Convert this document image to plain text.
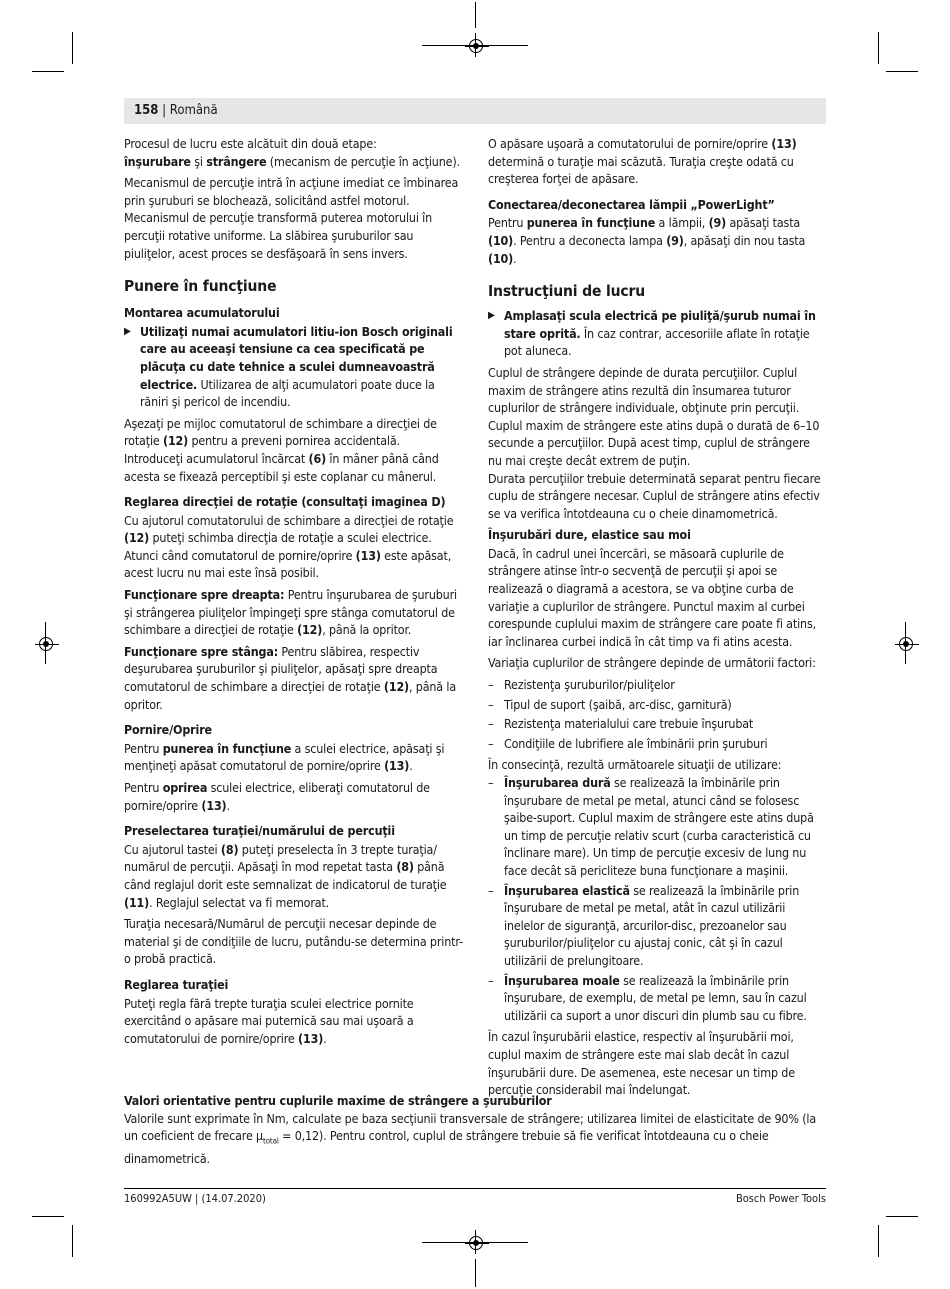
158 | Română

Procesul de lucru este alcătuit din două etape:
înşurubare şi strângere (mecanism de percuţie în acţiune).

Mecanismul de percuţie intră în acţiune imediat ce îmbinarea prin şuruburi se blochează, solicitând astfel motorul. Mecanismul de percuţie transformă puterea motorului în percuţii rotative uniforme. La slăbirea şuruburilor sau piuliţelor, acest proces se desfăşoară în sens invers.

Punere în funcţiune
Montarea acumulatorului
▶ Utilizaţi numai acumulatori litiu-ion Bosch originali care au aceeaşi tensiune ca cea specificată pe plăcuţa cu date tehnice a sculei dumneavoastră electrice. Utilizarea de alţi acumulatori poate duce la răniri şi pericol de incendiu.

Aşezaţi pe mijloc comutatorul de schimbare a direcţiei de rotaţie (12) pentru a preveni pornirea accidentală.
Introduceţi acumulatorul încărcat (6) în mâner până când acesta se fixează perceptibil şi este coplanar cu mânerul.

Reglarea direcţiei de rotaţie (consultaţi imaginea D)

Cu ajutorul comutatorului de schimbare a direcţiei de rotaţie (12) puteţi schimba direcţia de rotaţie a sculei electrice. Atunci când comutatorul de pornire/oprire (13) este apăsat, acest lucru nu mai este însă posibil.

Funcţionare spre dreapta: Pentru înşurubarea de şuruburi şi strângerea piuliţelor împingeţi spre stânga comutatorul de schimbare a direcţiei de rotaţie (12), până la opritor.

Funcţionare spre stânga: Pentru slăbirea, respectiv deşurubarea şuruburilor şi piuliţelor, apăsaţi spre dreapta comutatorul de schimbare a direcţiei de rotaţie (12), până la opritor.

Pornire/Oprire

Pentru punerea în funcţiune a sculei electrice, apăsaţi şi menţineţi apăsat comutatorul de pornire/oprire (13).

Pentru oprirea sculei electrice, eliberaţi comutatorul de pornire/oprire (13).

Preselectarea turaţiei/numărului de percuţii

Cu ajutorul tastei (8) puteţi preselecta în 3 trepte turaţia/ numărul de percuţii. Apăsaţi în mod repetat tasta (8) până când reglajul dorit este semnalizat de indicatorul de turaţie (11). Reglajul selectat va fi memorat.

Turaţia necesară/Numărul de percuţii necesar depinde de material şi de condiţiile de lucru, putându-se determina printr-o probă practică.

Reglarea turaţiei

Puteţi regla fără trepte turaţia sculei electrice pornite exercitând o apăsare mai puternică sau mai uşoară a comutatorului de pornire/oprire (13).

O apăsare uşoară a comutatorului de pornire/oprire (13) determină o turaţie mai scăzută. Turaţia creşte odată cu creşterea forţei de apăsare.

Conectarea/deconectarea lămpii „PowerLight”

Pentru punerea în funcţiune a lămpii, (9) apăsaţi tasta (10). Pentru a deconecta lampa (9), apăsaţi din nou tasta (10).

Instrucţiuni de lucru
▶ Amplasaţi scula electrică pe piuliţă/şurub numai în stare oprită. În caz contrar, accesoriile aflate în rotaţie pot aluneca.

Cuplul de strângere depinde de durata percuţiilor. Cuplul maxim de strângere atins rezultă din însumarea tuturor cuplurilor de strângere individuale, obţinute prin percuţii. Cuplul maxim de strângere este atins după o durată de 6–10 secunde a percuţiilor. După acest timp, cuplul de strângere nu mai creşte decât extrem de puţin.

Durata percuţiilor trebuie determinată separat pentru fiecare cuplu de strângere necesar. Cuplul de strângere atins efectiv se va verifica întotdeauna cu o cheie dinamometrică.

Înşurubări dure, elastice sau moi

Dacă, în cadrul unei încercări, se măsoară cuplurile de strângere atinse într-o secvenţă de percuţii şi apoi se realizează o diagramă a acestora, se va obţine curba de variaţie a cuplurilor de strângere. Punctul maxim al curbei corespunde cuplului maxim de strângere care poate fi atins, iar înclinarea curbei indică în cât timp va fi atins acesta.

Variaţia cuplurilor de strângere depinde de următorii factori:

– Rezistenţa şuruburilor/piuliţelor
– Tipul de suport (şaibă, arc-disc, garnitură)
– Rezistenţa materialului care trebuie înşurubat
– Condiţiile de lubrifiere ale îmbinării prin şuruburi

În consecinţă, rezultă următoarele situaţii de utilizare:

– Înşurubarea dură se realizează la îmbinările prin înşurubare de metal pe metal, atunci când se folosesc şaibe-suport. Cuplul maxim de strângere este atins după un timp de percuţie relativ scurt (curba caracteristică cu înclinare mare). Un timp de percuţie excesiv de lung nu face decât să pericliteze buna funcţionare a maşinii.
– Înşurubarea elastică se realizează la îmbinările prin înşurubare de metal pe metal, atât în cazul utilizării inelelor de siguranţă, arcurilor-disc, prezoanelor sau şuruburilor/piuliţelor cu ajustaj conic, cât şi în cazul utilizării de prelungitoare.
– Înşurubarea moale se realizează la îmbinările prin înşurubare, de exemplu, de metal pe lemn, sau în cazul utilizării ca suport a unor discuri din plumb sau cu fibre.

În cazul înşurubării elastice, respectiv al înşurubării moi, cuplul maxim de strângere este mai slab decât în cazul înşurubării dure. De asemenea, este necesar un timp de percuţie considerabil mai îndelungat.

Valori orientative pentru cuplurile maxime de strângere a şuruburilor
Valorile sunt exprimate în Nm, calculate pe baza secţiunii transversale de strângere; utilizarea limitei de elasticitate de 90% (la un coeficient de frecare $\mu_{total} = 0,12$). Pentru control, cuplul de strângere trebuie să fie verificat întotdeauna cu o cheie dinamometrică.
160992A5UW | (14.07.2020)	Bosch Power Tools
